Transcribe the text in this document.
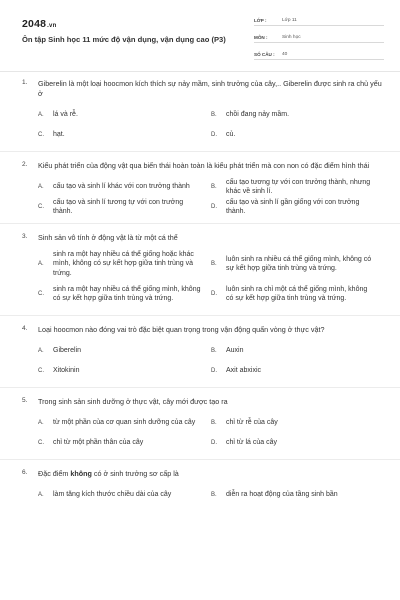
2048.vn
Ôn tập Sinh học 11 mức độ vận dụng, vận dụng cao (P3)
LỚP :	Lớp 11
MÔN :	Sinh học
SỐ CÂU :	40
1. Giberelin là một loại hoocmon kích thích sự nảy mầm, sinh trưởng của cây,.. Giberelin được sinh ra chủ yếu ở
A.	lá và rễ.	B.	chồi đang nảy mầm.
C.	hạt.	D.	củ.
2. Kiểu phát triển của động vật qua biến thái hoàn toàn là kiểu phát triển mà con non có đặc điểm hình thái
A.	cấu tạo và sinh lí khác với con trưởng thành	B.
cấu tạo tương tự với con trưởng thành, nhưng khác về sinh lí.
C.
cấu tạo và sinh lí tương tự với con trưởng thành.
D.
cấu tạo và sinh lí gần giống với con trưởng thành.
3. Sinh sản vô tính ở động vật là từ một cá thể
A.
sinh ra một hay nhiều cá thể giống hoặc khác mình, không có sự kết hợp giữa tinh trùng và trứng.
B.
luôn sinh ra nhiều cá thể giống mình, không có sự kết hợp giữa tinh trùng và trứng.
C.
sinh ra một hay nhiều cá thể giống mình, không có sự kết hợp giữa tinh trùng và trứng.
D.
luôn sinh ra chỉ một cá thể giống mình, không có sự kết hợp giữa tinh trùng và trứng.
4. Loại hoocmon nào đóng vai trò đặc biệt quan trọng trong vận động quấn vòng ở thực vật?
A.	Giberelin	B.	Auxin
C.	Xitokinin	D.	Axit abxixic
5. Trong sinh sản sinh dưỡng ở thực vật, cây mới được tạo ra
A.	từ một phần của cơ quan sinh dưỡng của cây	B.	chỉ từ rễ của cây
C.	chỉ từ một phần thân của cây	D.	chỉ từ lá của cây
6. Đặc điểm không có ở sinh trưởng sơ cấp là
A.	làm tăng kích thước chiều dài của cây	B.	diễn ra hoạt động của tầng sinh bần
